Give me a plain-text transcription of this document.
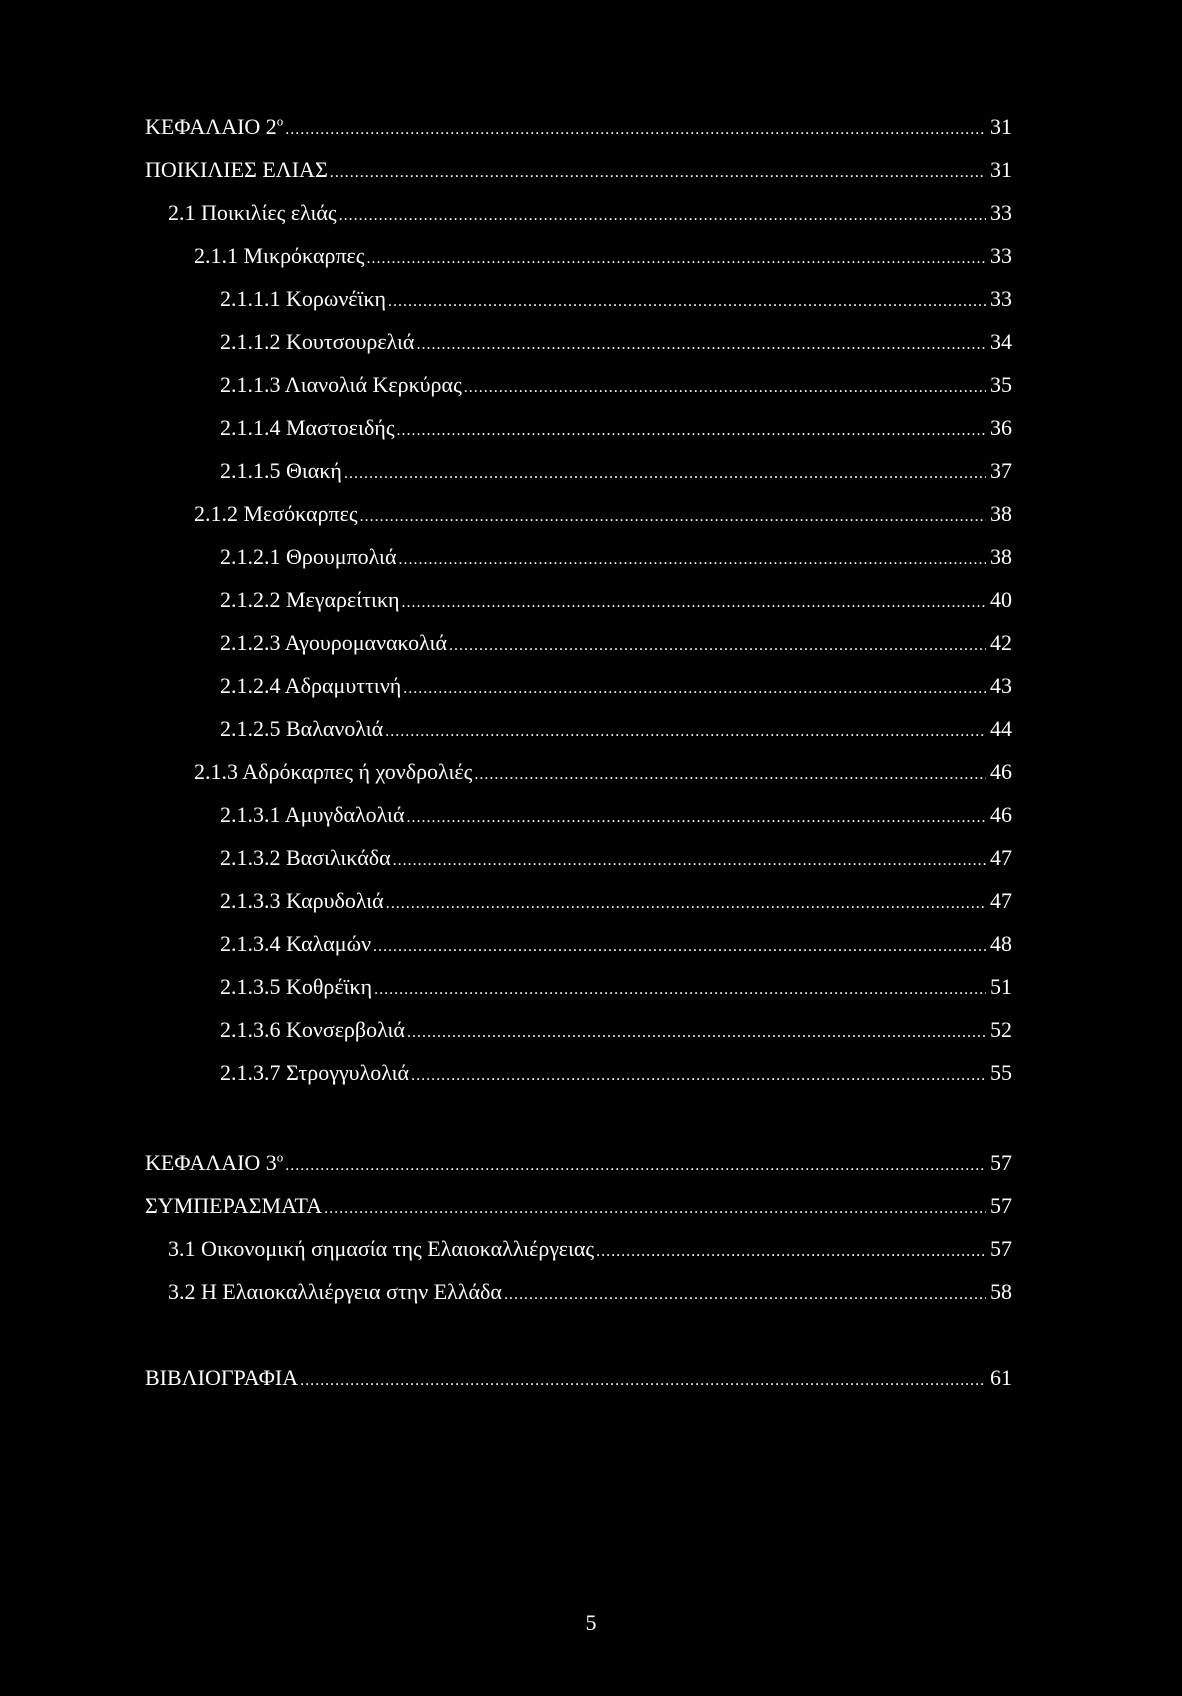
ΚΕΦΑΛΑΙΟ $2^o$ .....	31
ΠΟΙΚΙΛΙΕΣ ΕΛΙΑΣ .....	31
2.1 Ποικιλίες ελιάς .....	33
2.1.1 Μικρόκαρπες .....	33
2.1.1.1 Κορωνέϊκη .....	33
2.1.1.2 Κουτσουρελιά .....	34
2.1.1.3 Λιανολιά Κερκύρας .....	35
2.1.1.4 Μαστοειδής .....	36
2.1.1.5 Θιακή .....	37
2.1.2 Μεσόκαρπες .....	38
2.1.2.1 Θρουμπολιά .....	38
2.1.2.2 Μεγαρείτικη .....	40
2.1.2.3 Αγουρομανακολιά .....	42
2.1.2.4 Αδραμυττινή .....	43
2.1.2.5 Βαλανολιά .....	44
2.1.3 Αδρόκαρπες ή χονδρολιές .....	46
2.1.3.1 Αμυγδαλολιά .....	46
2.1.3.2 Βασιλικάδα .....	47
2.1.3.3 Καρυδολιά .....	47
2.1.3.4 Καλαμών .....	48
2.1.3.5 Κοθρέϊκη .....	51
2.1.3.6 Κονσερβολιά .....	52
2.1.3.7 Στρογγυλολιά .....	55
ΚΕΦΑΛΑΙΟ $3^o$ .....	57
ΣΥΜΠΕΡΑΣΜΑΤΑ .....	57
3.1 Οικονομική σημασία της Ελαιοκαλλιέργειας .....	57
3.2 Η Ελαιοκαλλιέργεια στην Ελλάδα .....	58
ΒΙΒΛΙΟΓΡΑΦΙΑ .....	61
5
